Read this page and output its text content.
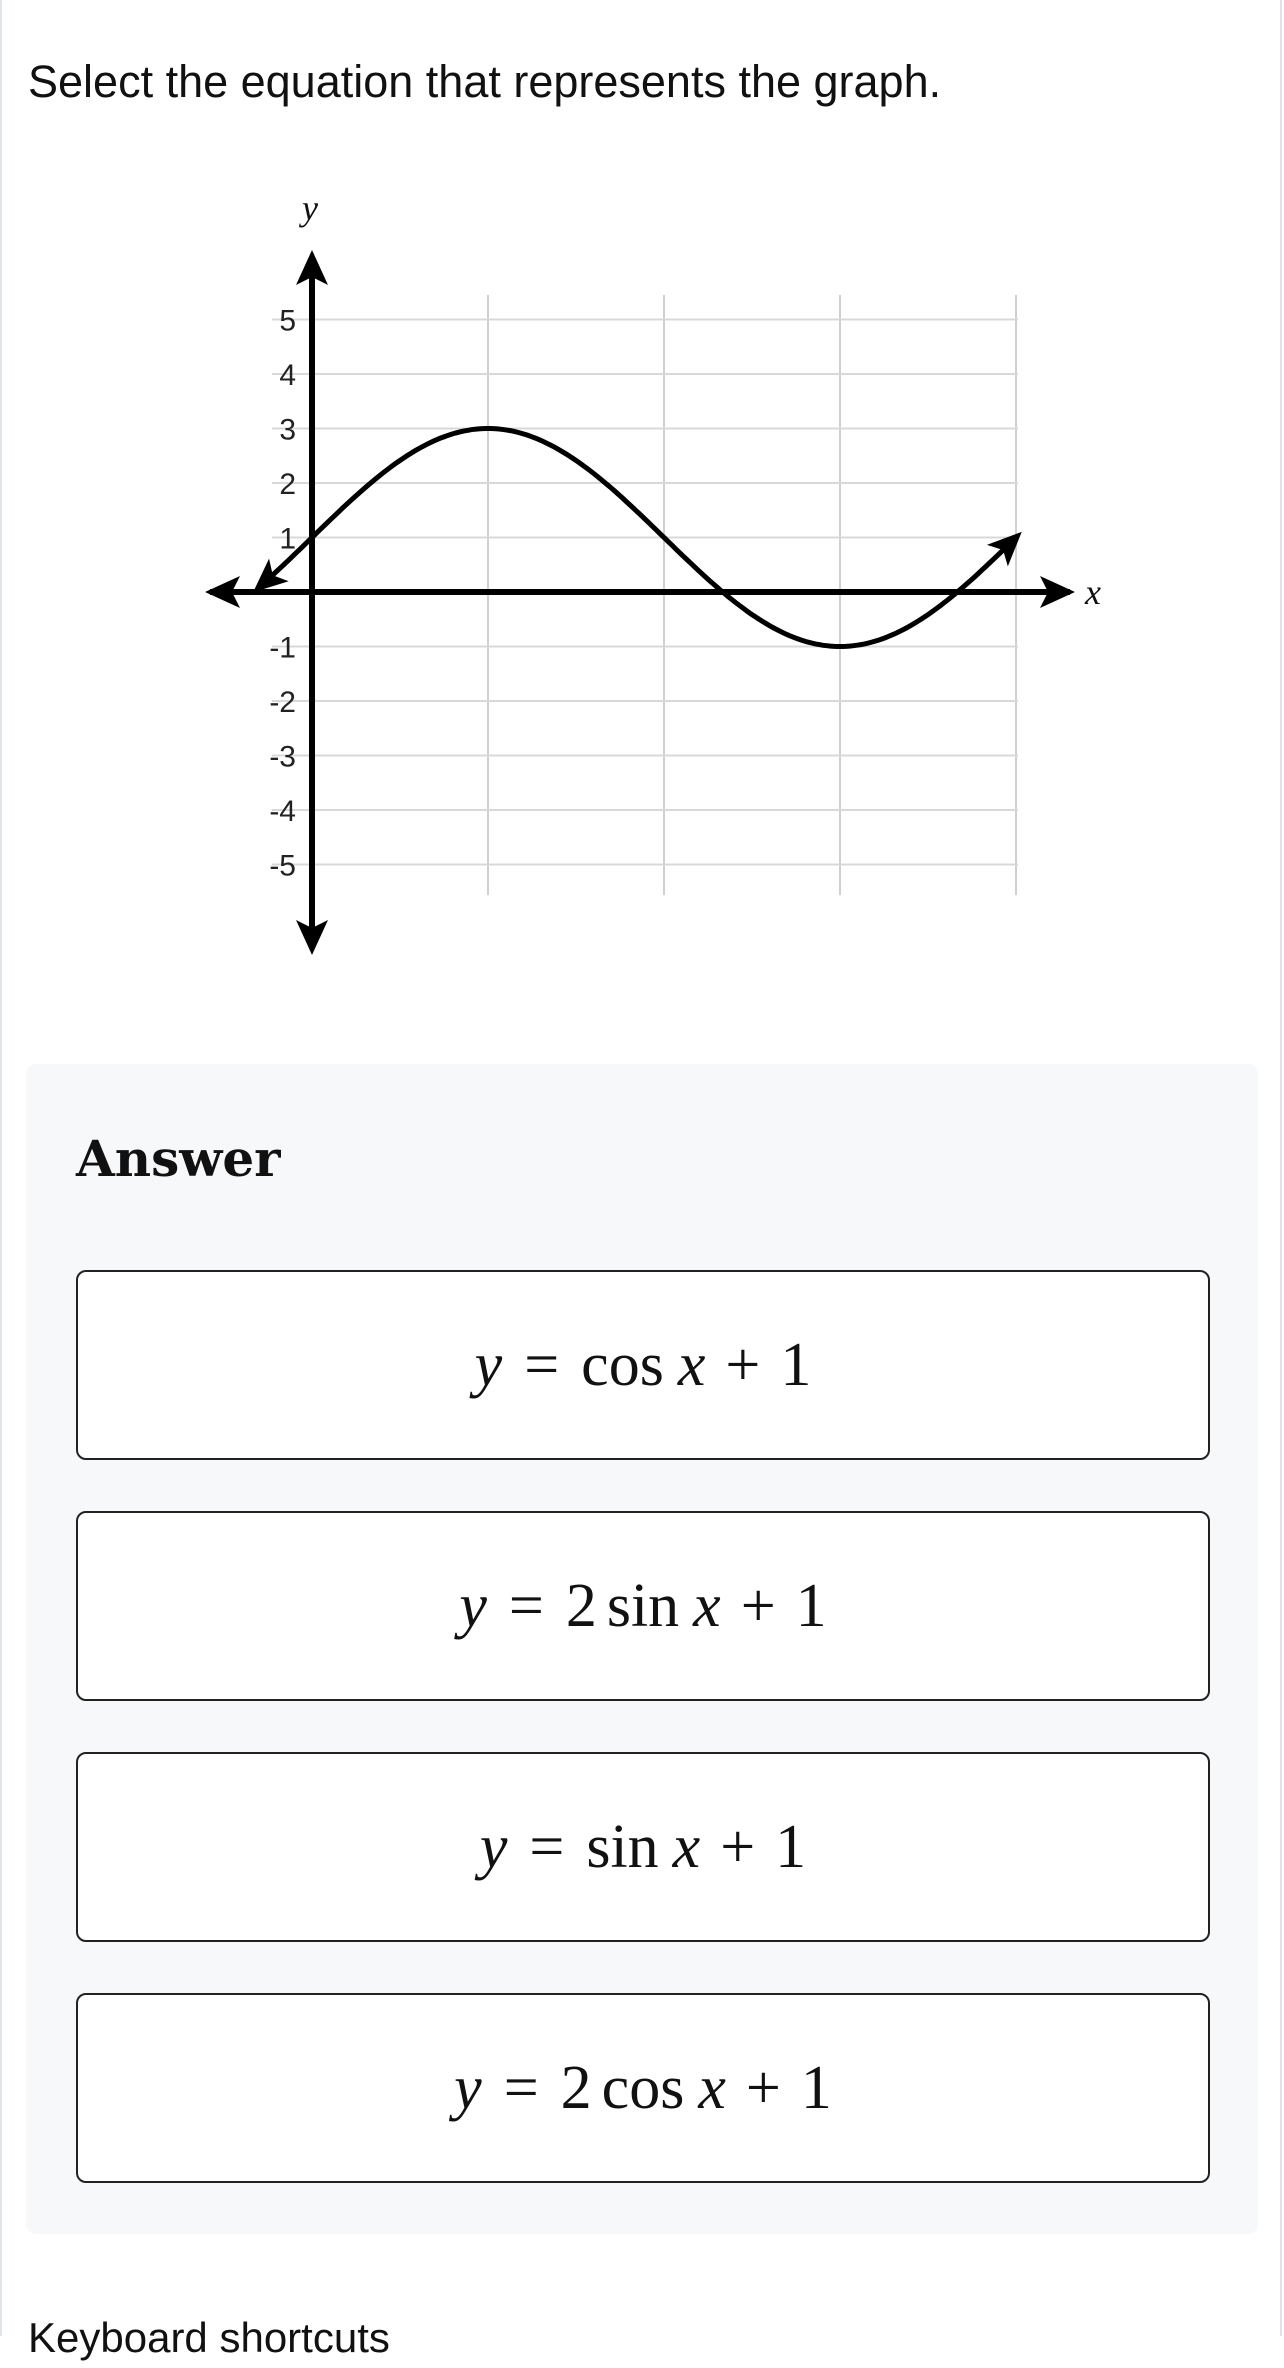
Select the equation that represents the graph.
5
4
3
2
1
-1
-2
-3
-4
-5
x
y
Answer
y = cos x + 1
y = 2 sin x + 1
y = sin x + 1
y = 2 cos x + 1
Keyboard shortcuts
